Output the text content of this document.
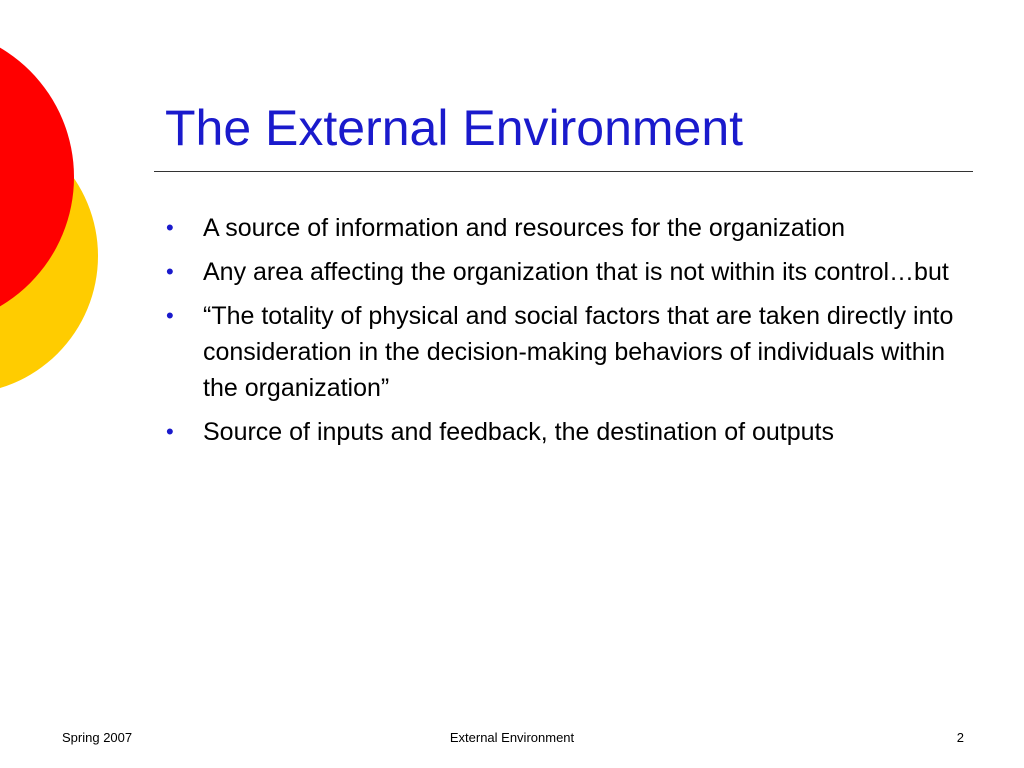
The External Environment
• A source of information and resources for the organization
• Any area affecting the organization that is not within its control…but
• “The totality of physical and social factors that are taken directly into consideration in the decision-making behaviors of individuals within the organization”
• Source of inputs and feedback, the destination of outputs
Spring 2007	External Environment	2
